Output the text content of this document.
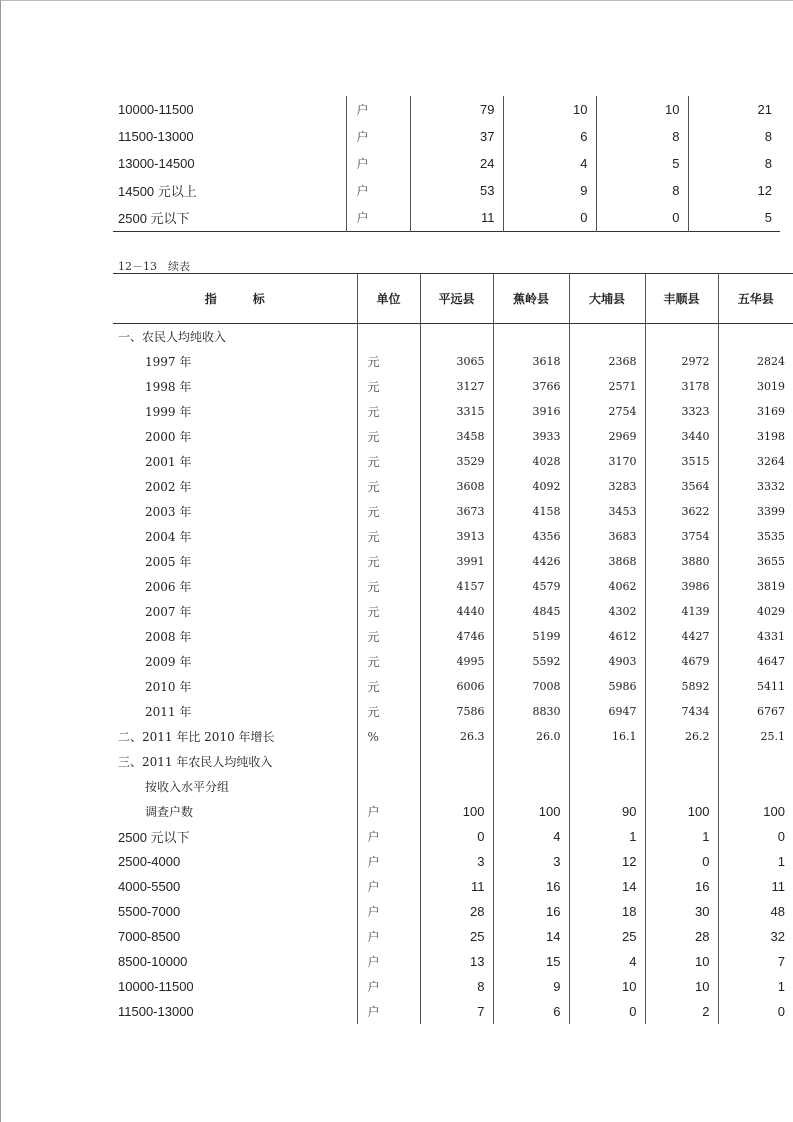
10000-11500	户	79	10	10	21
11500-13000	户	37	6	8	8
13000-14500	户	24	4	5	8
14500 元以上	户	53	9	8	12
2500 元以下	户	11	0	0	5
12－13　续表
指　　　标	单位	平远县	蕉岭县	大埔县	丰顺县	五华县
一、农民人均纯收入						
1997 年	元	3065	3618	2368	2972	2824
1998 年	元	3127	3766	2571	3178	3019
1999 年	元	3315	3916	2754	3323	3169
2000 年	元	3458	3933	2969	3440	3198
2001 年	元	3529	4028	3170	3515	3264
2002 年	元	3608	4092	3283	3564	3332
2003 年	元	3673	4158	3453	3622	3399
2004 年	元	3913	4356	3683	3754	3535
2005 年	元	3991	4426	3868	3880	3655
2006 年	元	4157	4579	4062	3986	3819
2007 年	元	4440	4845	4302	4139	4029
2008 年	元	4746	5199	4612	4427	4331
2009 年	元	4995	5592	4903	4679	4647
2010 年	元	6006	7008	5986	5892	5411
2011 年	元	7586	8830	6947	7434	6767
二、2011 年比 2010 年增长	%	26.3	26.0	16.1	26.2	25.1
三、2011 年农民人均纯收入						
按收入水平分组						
调查户数	户	100	100	90	100	100
2500 元以下	户	0	4	1	1	0
2500-4000	户	3	3	12	0	1
4000-5500	户	11	16	14	16	11
5500-7000	户	28	16	18	30	48
7000-8500	户	25	14	25	28	32
8500-10000	户	13	15	4	10	7
10000-11500	户	8	9	10	10	1
11500-13000	户	7	6	0	2	0
